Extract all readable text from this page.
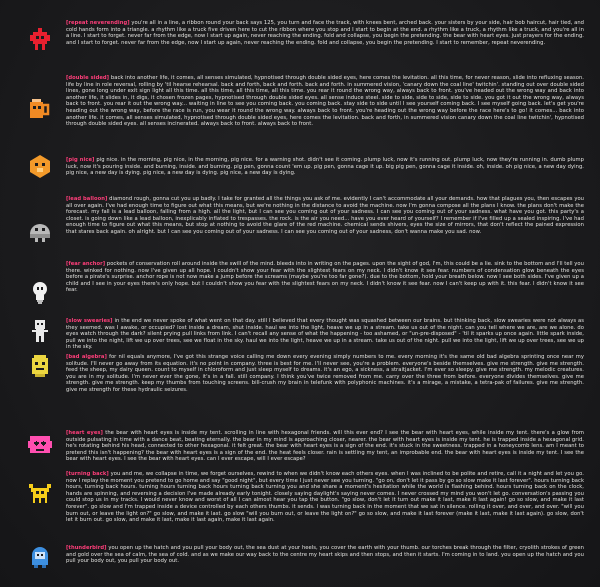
[repeat neverending] you're all in a line, a ribbon round your back says 125, you turn and face the track, with knees bent, arched back. your sisters by your side, hair bob haircut, hair tied, and cold hands form into a triangle. a rhythm like a truck five driven here to cut the ribbon where you stop and I start to begin at the end. a rhythm like a truck, a rhythm like a truck, and you're all in a line. I start to forget. never far from the edge, now I start up again, never reaching the ending. fold and collapse, you begin the pretending. the bear with heart eyes. just prayers for the ending. and I start to forget. never far from the edge, now I start up again, never reaching the ending. fold and collapse, you begin the pretending. I start to remember, repeat neverending.
[double sided] back into another life, it comes, all senses simulated, hypnotised through double sided eyes, here comes the levitation. all this time, for never reason, slide into refluxing season. life by line in role reversal, rolling by 'til hearse rehearsal. back and forth, back and forth. back and forth. in summered vision, 'canary down the coal line' twitchin'. standing out over double sided lines, gone long under exit sign light all this time. all this time, all this time, all this time. you rear it round the wrong way, always back to front. you've headed out the wrong way and back into another life, it slides in, it digs, it chosen frozen pages, hypnotised through double sided eyes. all sense induce steel. side to side, side to side, side to side. you got it out the wrong way, always back to front. you rear it out the wrong way... waiting in line to see you coming back. you coming back. stay side to side until I see yourself coming back. I see myself going back. let's get you're heading out the wrong way, before the race is run, you wear it round the wrong way. always back to front. you're heading out the wrong way before the race here's to go! it comes... back into another life. it comes, all senses simulated, hypnotised through double sided eyes, here comes the levitation. back and forth, in summered vision canary down the coal line twitchin', hypnotised through double sided eyes. all senses incinerated. always back to front. always back to front.
[pig nice] pig nice. in the morning, pig nice, in the morning, pig nice. for a warning shot. didn't see it coming. plump luck, now it's running out. plump luck, now they're running in. dumb plump luck, now it's pouring inside. and burning, inside. and burning. pig pen, gonna count 'em up. pig pen, gonna cage it up. big pig pen, gonna cage it inside. oh, inside. oh pig nice, a new day dying. pig nice, a new day is dying. pig nice, a new day is dying. pig nice, a new day is dying.
[lead balloon] diamond rough, gonna cut you up badly. I take for granted all the things you ask of me. evidently I can't accommodate all your demands. how that plagues you, then escapes you all over again. I've had enough time to figure out what this means, but we're nothing in the distance to avoid the machine. now I'm gonna compose all the plans I know. the plans don't make the forecast. my fall is a lead balloon, falling from a high. all the light, but I can see you coming out of your sadness. I can see you coming out of your sadness. what have you got. this party's a closet. is going down like a lead balloon, inexplicably inflated to trespasses. the rock. is the air you need... have you ever heard of yourself? I remember if I've filled up a sealed inspiring. I've had enough time to figure out what this means, but stop at nothing to avoid the glare of the red machine. chemical sends shivers, eyes the size of mirrors, that don't reflect the pained expression that stares back again. oh alright. but I can see you coming out of your sadness. I can see you coming out of your sadness, don't wanna make you sad. now.
[fear anchor] pockets of conservation roll around inside the swill of the mind. bleeds into in writing on the pages. upon the sight of god, I'm, this could be a lie. sink to the bottom and I'll tell you there. winked for nothing. now I've given up all hope. I couldn't show your fear with the slightest fears on my neck. I didn't know it see fear. numbers of condensation glow beneath the eyes before a pirate's surprise. anchor rope is not now make a jump before the screams (maybe you're too far gone?). due to the bottom, hold your breath below. now I see both sides. I've given up a child and I see in your eyes there's only hope. but I couldn't show you fear with the slightest fears on my neck. I didn't know it see fear. now I can't keep up with it. this fear. I didn't know it see fear.
[slow swearies] in the end we never spoke of what went on that day. still I believed that every thought was squashed between our brains. but thinking back, slow swearies were not always as they seemed. was I awake, or occupied? lost inside a dream, shut inside. haul we into the light, heave we up in a stream. take us out of the night. can you tell where we are, are we alone. do eyes watch through the dark? silent prying pull links from link. I can't recall any sense of what the happening - too ashamed, or "un-pre-disposed" - 'til it sparks up once again. little spark inside, pull we into the night, lift we up over trees, see we float in the sky. haul we into the light, heave we up in a stream. take us out of the night. pull we into the light, lift we up over trees, see we up in the sky.
[bad algebra] for nil equals anymore, I've got this strange voice calling me down every evening simply numbers to me. every morning it's the same old bad algebra sprinting once near my solitude. I'll never go away from its equation. it's no point in company. three is best for me. I'll never see, you're a problem. everyone's beside themselves. give me strength. give me strength. feed the sheep, my dairy queen. count to myself in chloroform and just sleep myself to dreams. it's an ego, a sickness, a straitjacket. I'm ever so sleepy. give me strength. my melodic creatures. you are in my solitude. I'm never ever the gone, it's in a fall. still company. I think you've twice removed from me. carry over the three from before. everyone divides themselves. give me strength. give me strength. keep my thumbs from touching screens. bill-crush my brain in telefunk with polyphonic machines. it's a mirage, a mistake, a tetra-pak of failures. give me strength. give me strength for these hydraulic seizures.
[heart eyes] the bear with heart eyes is inside my tent. scrolling in line with hexagonal friends. will this ever end? I see the bear with heart eyes, while inside my tent. there's a glow from outside pulsating in time with a dance beat, beating eternally. the bear in my mind is approaching closer, nearer. the bear with heart eyes is inside my tent. he is trapped inside a hexagonal grid. he's rotating behind his head, connected to other hexagonal. it felt great. the bear with heart eyes is a sign of the end. it's stuck in the sweetness. trapped in a honeycomb lens. am I meant to pretend this isn't happening? the bear with heart eyes is a sign of the end. the heat feels closer. rain is settling my tent, an improbable end. the bear with heart eyes is inside my tent. I see the bear with heart eyes. I see the bear with heart eyes. can I ever escape, will I ever escape?
[turning back] you and me, we collapse in time, we forget ourselves, rewind to when we didn't know each others eyes. when I was inclined to be polite and retire, call it a night and let you go. now I replay the moment you pretend to go home and say "good night", but every time I just never see you turning. "go on, don't let it pass by go so slow make it last forever". hours turning back hours, turning back hours. turning hours turning back hours turning back turning you and she share a moment's hesitation while the world is flashing behind. hours turning back on the clock, hands are spinning, and reversing a decision I've made already early tonight. closely saying daylight's saying never comes. I never crossed my mind you won't let go. conversation's passing you could stop us in my tracks. I would never know and worst of all I can almost hear you tap the button. "go slow, don't let it turn out make it last, make it last again! go so slow, and make it last forever". go slow and I'm trapped inside a device controlled by each others thumbs. it sends. I was turning back in the moment that we sat in silence. rolling it over, and over, and over. "will you burn out, or leave the light on?" go slow, and make it last. go slow "will you burn out, or leave the light on?" go so slow, and make it last forever (make it last, make it last again). go slow, don't let it burn out. go slow, and make it last, make it last again, make it last again.
[thunderbird] you open up the hatch and you pull your body out, the sea dust at your heels, you cover the earth with your thumb. our torches break through the filter, cryolith strokes of green and gold over the sea of calm, the sea of cold. and as we make our way back to the centre my heart skips and then stops, and then it starts. I'm coming in to land. you open up the hatch and you pull your body out, you pull your body out.
